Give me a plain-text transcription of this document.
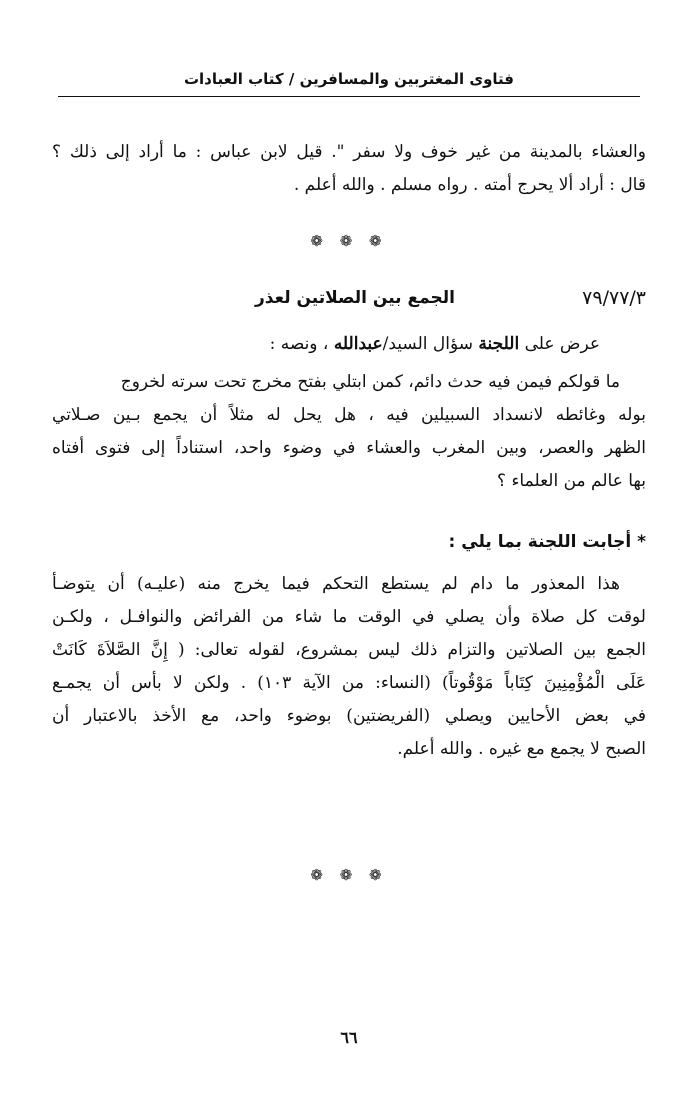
فتاوى المغتربين والمسافرين / كتاب العبادات
والعشاء بالمدينة من غير خوف ولا سفر ". قيل لابن عباس : ما أراد إلى ذلك ؟
قال : أراد ألا يحرج أمته . رواه مسلم . والله أعلم .
❁ ❁ ❁
٧٩/٧٧/٣
الجمع بين الصلاتين لعذر
عرض على اللجنة سؤال السيد/عبدالله ، ونصه :
ما قولكم فيمن فيه حدث دائم، كمن ابتلي بفتح مخرج تحت سرته لخروج
بوله وغائطه لانسداد السبيلين فيه ، هل يحل له مثلاً أن يجمع بـين صـلاتي
الظهر والعصر، وبين المغرب والعشاء في وضوء واحد، استناداً إلى فتوى أفتاه
بها عالم من العلماء ؟
* أجابت اللجنة بما يلي :
هذا المعذور ما دام لم يستطع التحكم فيما يخرج منه (عليـه) أن يتوضـأ
لوقت كل صلاة وأن يصلي في الوقت ما شاء من الفرائض والنوافـل ، ولكـن
الجمع بين الصلاتين والتزام ذلك ليس بمشروع، لقوله تعالى: ( إِنَّ الصَّلاَةَ كَانَتْ
عَلَى الْمُؤْمِنِينَ كِتَاباً مَوْقُوتاً) (النساء: من الآية ١٠٣) . ولكن لا بأس أن يجمـع
في بعض الأحايين ويصلي (الفريضتين) بوضوء واحد، مع الأخذ بالاعتبار أن
الصبح لا يجمع مع غيره . والله أعلم.
❁ ❁ ❁
٦٦
